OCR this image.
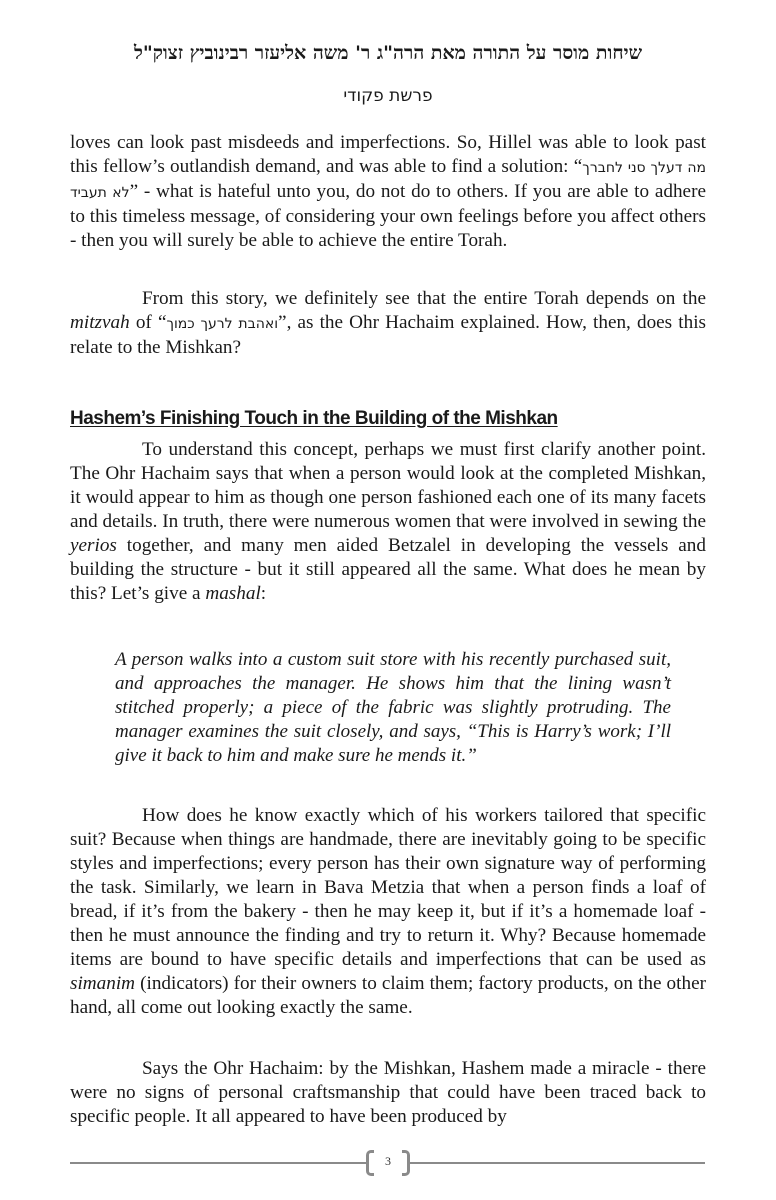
שיחות מוסר על התורה מאת הרה"ג ר' משה אליעזר רבינוביץ זצוק"ל
פרשת פקודי

loves can look past misdeeds and imperfections. So, Hillel was able to look past this fellow’s outlandish demand, and was able to find a solution: “מה דעלך סני לחברך לא תעביד” - what is hateful unto you, do not do to others. If you are able to adhere to this timeless message, of considering your own feelings before you affect others - then you will surely be able to achieve the entire Torah.

From this story, we definitely see that the entire Torah depends on the mitzvah of “ואהבת לרעך כמוך”, as the Ohr Hachaim explained. How, then, does this relate to the Mishkan?

Hashem’s Finishing Touch in the Building of the Mishkan

To understand this concept, perhaps we must first clarify another point. The Ohr Hachaim says that when a person would look at the completed Mishkan, it would appear to him as though one person fashioned each one of its many facets and details. In truth, there were numerous women that were involved in sewing the yerios together, and many men aided Betzalel in developing the vessels and building the structure - but it still appeared all the same. What does he mean by this? Let’s give a mashal:

A person walks into a custom suit store with his recently purchased suit, and approaches the manager. He shows him that the lining wasn’t stitched properly; a piece of the fabric was slightly protruding. The manager examines the suit closely, and says, “This is Harry’s work; I’ll give it back to him and make sure he mends it.”

How does he know exactly which of his workers tailored that specific suit? Because when things are handmade, there are inevitably going to be specific styles and imperfections; every person has their own signature way of performing the task. Similarly, we learn in Bava Metzia that when a person finds a loaf of bread, if it’s from the bakery - then he may keep it, but if it’s a homemade loaf - then he must announce the finding and try to return it. Why? Because homemade items are bound to have specific details and imperfections that can be used as simanim (indicators) for their owners to claim them; factory products, on the other hand, all come out looking exactly the same.

Says the Ohr Hachaim: by the Mishkan, Hashem made a miracle - there were no signs of personal craftsmanship that could have been traced back to specific people. It all appeared to have been produced by

3
